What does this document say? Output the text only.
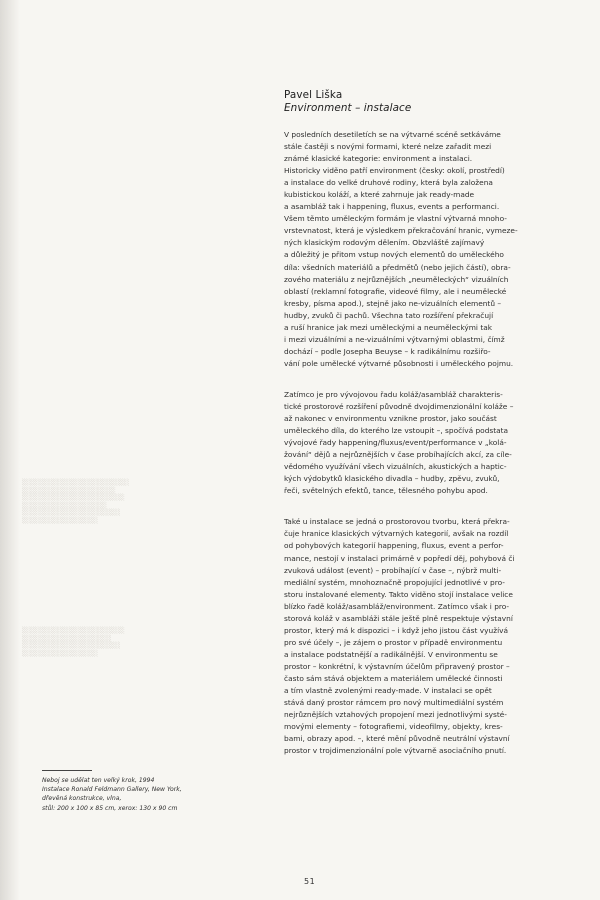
░░░░░░░░░░░░░░░░░░░░░░░░
░░░░░░░░░░░░░░░░░░░░░
░░░░░░░░░░░░░░░░░░░░░░░
░░░░░░░░░░░░░░░░░░░
░░░░░░░░░░░░░░░░░░░░░░
░░░░░░░░░░░░░░░░░
░░░░░░░░░░░░░░░░░░░░░░░
░░░░░░░░░░░░░░░░░░░░
░░░░░░░░░░░░░░░░░░░░░░
░░░░░░░░░░░░░░░░░
Pavel Liška
Environment – instalace

V posledních desetiletích se na výtvarné scéně setkáváme
stále častěji s novými formami, které nelze zařadit mezi
známé klasické kategorie: environment a instalaci.
Historicky viděno patří environment (česky: okolí, prostředí)
a instalace do velké druhové rodiny, která byla založena
kubistickou koláží, a které zahrnuje jak ready-made
a asambláž tak i happening, fluxus, events a performanci.
Všem těmto uměleckým formám je vlastní výtvarná mnoho-
vrstevnatost, která je výsledkem překračování hranic, vymeze-
ných klasickým rodovým dělením. Obzvláště zajímavý
a důležitý je přitom vstup nových elementů do uměleckého
díla: všedních materiálů a předmětů (nebo jejich částí), obra-
zového materiálu z nejrůznějších „neuměleckých“ vizuálních
oblastí (reklamní fotografie, videové filmy, ale i neumělecké
kresby, písma apod.), stejně jako ne-vizuálních elementů –
hudby, zvuků či pachů. Všechna tato rozšíření překračují
a ruší hranice jak mezi uměleckými a neuměleckými tak
i mezi vizuálními a ne-vizuálními výtvarnými oblastmi, čímž
dochází – podle Josepha Beuyse – k radikálnímu rozšiřo-
vání pole umělecké výtvarné působnosti i uměleckého pojmu.

Zatímco je pro vývojovou řadu koláž/asambláž charakteris-
tické prostorové rozšíření původně dvojdimenzionální koláže –
až nakonec v environmentu vznikne prostor, jako součást
uměleckého díla, do kterého lze vstoupit –, spočívá podstata
vývojové řady happening/fluxus/event/performance v „kolá-
žování“ dějů a nejrůznějších v čase probíhajících akcí, za cíle-
vědomého využívání všech vizuálních, akustických a haptic-
kých výdobytků klasického divadla – hudby, zpěvu, zvuků,
řeči, světelných efektů, tance, tělesného pohybu apod.

Také u instalace se jedná o prostorovou tvorbu, která překra-
čuje hranice klasických výtvarných kategorií, avšak na rozdíl
od pohybových kategorií happening, fluxus, event a perfor-
mance, nestojí v instalaci primárně v popředí děj, pohybová či
zvuková událost (event) – probíhající v čase –, nýbrž multi-
mediální systém, mnohoznačně propojující jednotlivé v pro-
storu instalované elementy. Takto viděno stojí instalace velice
blízko řadě koláž/asambláž/environment. Zatímco však i pro-
storová koláž v asambláži stále ještě plně respektuje výstavní
prostor, který má k dispozici – i když jeho jistou část využívá
pro své účely –, je zájem o prostor v případě environmentu
a instalace podstatnější a radikálnější. V environmentu se
prostor – konkrétní, k výstavním účelům připravený prostor –
často sám stává objektem a materiálem umělecké činnosti
a tím vlastně zvolenými ready-made. V instalaci se opět
stává daný prostor rámcem pro nový multimediální systém
nejrůznějších vztahových propojení mezi jednotlivými systé-
movými elementy – fotografiemi, videofilmy, objekty, kres-
bami, obrazy apod. –, které mění původně neutrální výstavní
prostor v trojdimenzionální pole výtvarně asociačního pnutí.

Neboj se udělat ten velký krok, 1994
Instalace Ronald Feldmann Gallery, New York,
dřevěná konstrukce, vlna,
stůl: 200 x 100 x 85 cm, xerox: 130 x 90 cm
51
